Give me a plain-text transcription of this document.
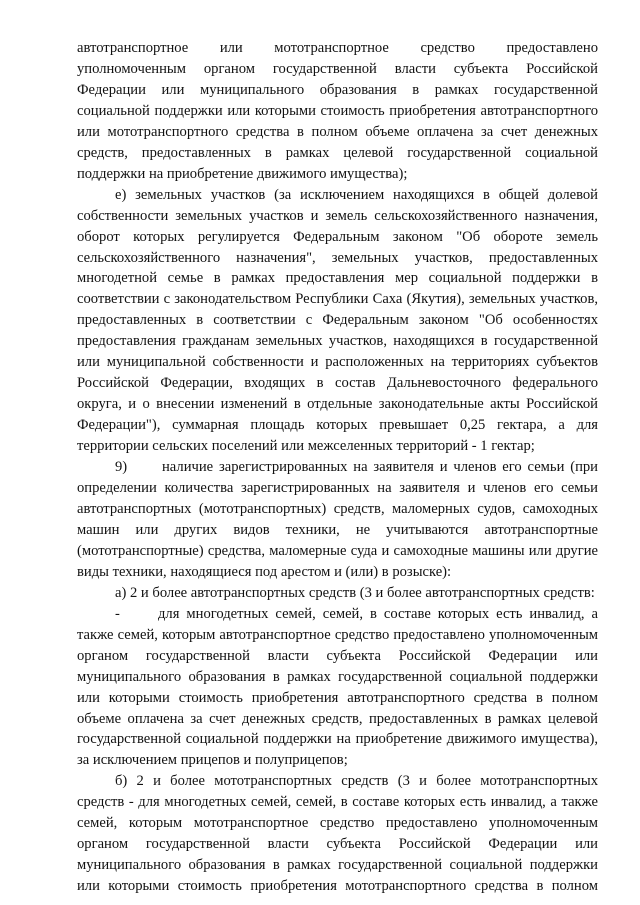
автотранспортное или мототранспортное средство предоставлено уполномоченным органом государственной власти субъекта Российской Федерации или муниципального образования в рамках государственной социальной поддержки или которыми стоимость приобретения автотранспортного или мототранспортного средства в полном объеме оплачена за счет денежных средств, предоставленных в рамках целевой государственной социальной поддержки на приобретение движимого имущества);

е) земельных участков (за исключением находящихся в общей долевой собственности земельных участков и земель сельскохозяйственного назначения, оборот которых регулируется Федеральным законом "Об обороте земель сельскохозяйственного назначения", земельных участков, предоставленных многодетной семье в рамках предоставления мер социальной поддержки в соответствии с законодательством Республики Саха (Якутия), земельных участков, предоставленных в соответствии с Федеральным законом "Об особенностях предоставления гражданам земельных участков, находящихся в государственной или муниципальной собственности и расположенных на территориях субъектов Российской Федерации, входящих в состав Дальневосточного федерального округа, и о внесении изменений в отдельные законодательные акты Российской Федерации"), суммарная площадь которых превышает 0,25 гектара, а для территории сельских поселений или межселенных территорий - 1 гектар;

9) наличие зарегистрированных на заявителя и членов его семьи (при определении количества зарегистрированных на заявителя и членов его семьи автотранспортных (мототранспортных) средств, маломерных судов, самоходных машин или других видов техники, не учитываются автотранспортные (мототранспортные) средства, маломерные суда и самоходные машины или другие виды техники, находящиеся под арестом и (или) в розыске):

а) 2 и более автотранспортных средств (3 и более автотранспортных средств:

-	для многодетных семей, семей, в составе которых есть инвалид, а также семей, которым автотранспортное средство предоставлено уполномоченным органом государственной власти субъекта Российской Федерации или муниципального образования в рамках государственной социальной поддержки или которыми стоимость приобретения автотранспортного средства в полном объеме оплачена за счет денежных средств, предоставленных в рамках целевой государственной социальной поддержки на приобретение движимого имущества), за исключением прицепов и полуприцепов;

б) 2 и более мототранспортных средств (3 и более мототранспортных средств - для многодетных семей, семей, в составе которых есть инвалид, а также семей, которым мототранспортное средство предоставлено уполномоченным органом государственной власти субъекта Российской Федерации или муниципального образования в рамках государственной социальной поддержки или которыми стоимость приобретения мототранспортного средства в полном
